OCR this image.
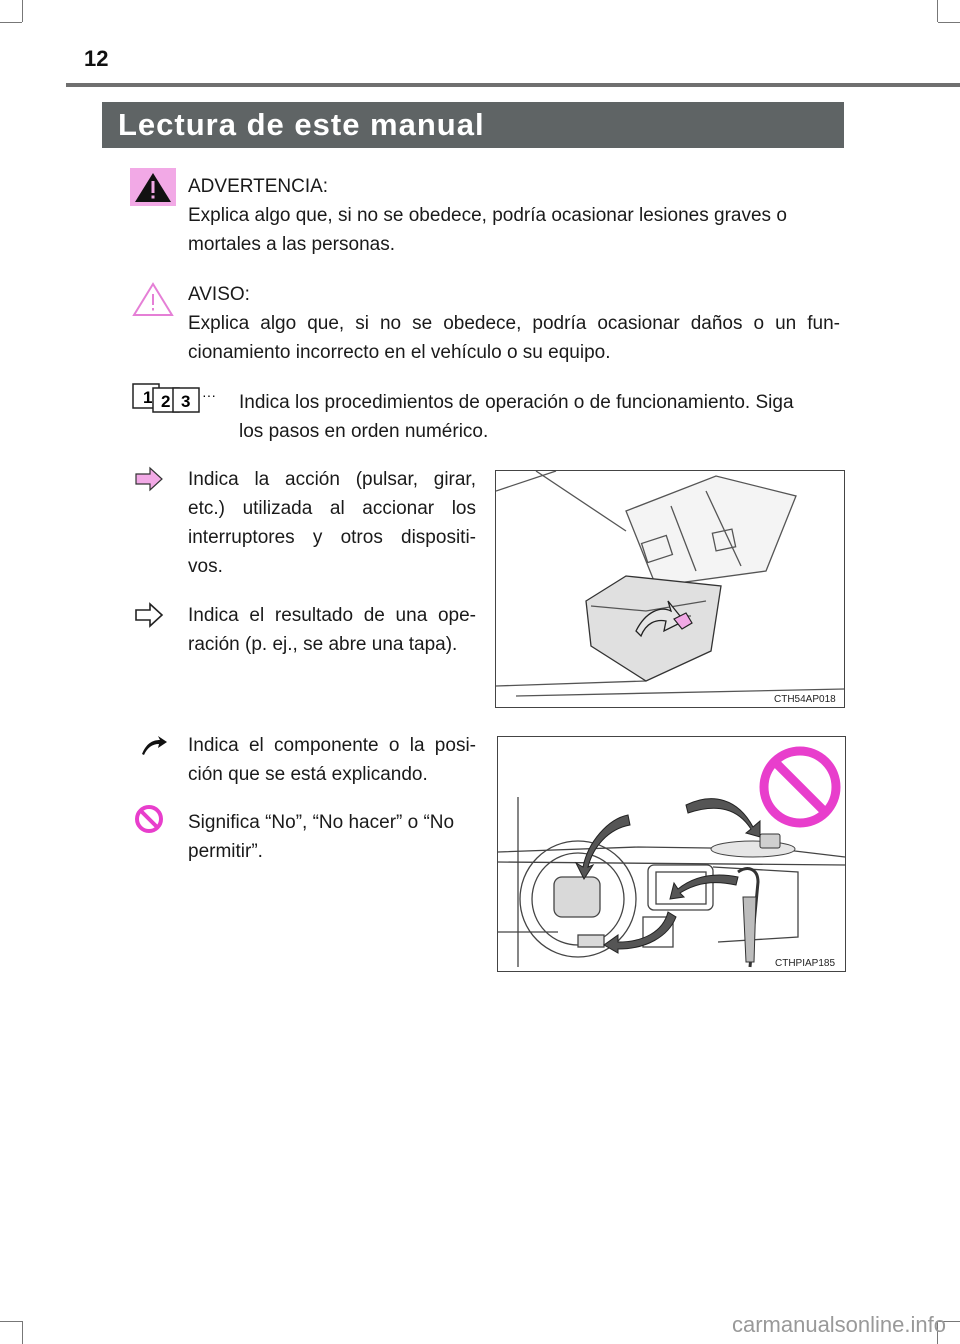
12
Lectura de este manual
ADVERTENCIA:
Explica algo que, si no se obedece, podría ocasionar lesiones graves o
mortales a las personas.
AVISO:
Explica algo que, si no se obedece, podría ocasionar daños o un fun-
cionamiento incorrecto en el vehículo o su equipo.
1 2 3 ··· Indica los procedimientos de operación o de funcionamiento. Siga
los pasos en orden numérico.
Indica la acción (pulsar, girar,
etc.) utilizada al accionar los
interruptores y otros dispositi-
vos.
Indica el resultado de una ope-
ración (p. ej., se abre una tapa).
CTH54AP018
Indica el componente o la posi-
ción que se está explicando.
Significa “No”, “No hacer” o “No
permitir”.
CTHPIAP185
carmanualsonline.info
